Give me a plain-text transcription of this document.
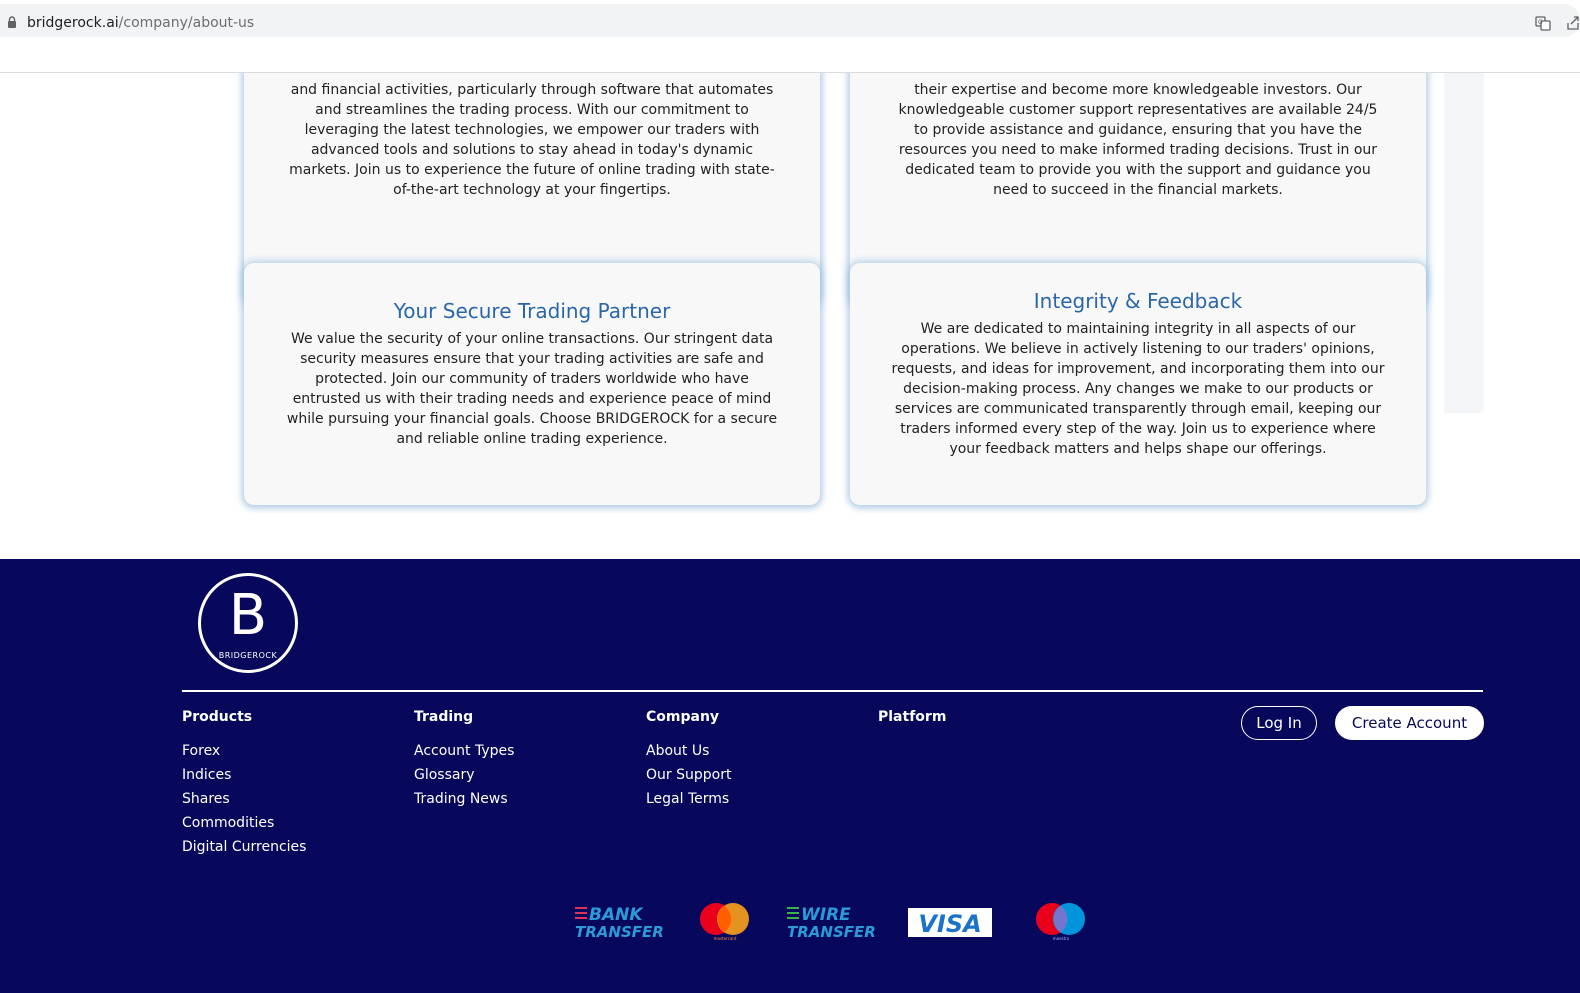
bridgerock.ai/company/about-us	G
and financial activities, particularly through software that automates
and streamlines the trading process. With our commitment to
leveraging the latest technologies, we empower our traders with
advanced tools and solutions to stay ahead in today's dynamic
markets. Join us to experience the future of online trading with state-
of-the-art technology at your fingertips.
their expertise and become more knowledgeable investors. Our
knowledgeable customer support representatives are available 24/5
to provide assistance and guidance, ensuring that you have the
resources you need to make informed trading decisions. Trust in our
dedicated team to provide you with the support and guidance you
need to succeed in the financial markets.
Your Secure Trading Partner
We value the security of your online transactions. Our stringent data
security measures ensure that your trading activities are safe and
protected. Join our community of traders worldwide who have
entrusted us with their trading needs and experience peace of mind
while pursuing your financial goals. Choose BRIDGEROCK for a secure
and reliable online trading experience.
Integrity & Feedback
We are dedicated to maintaining integrity in all aspects of our
operations. We believe in actively listening to our traders' opinions,
requests, and ideas for improvement, and incorporating them into our
decision-making process. Any changes we make to our products or
services are communicated transparently through email, keeping our
traders informed every step of the way. Join us to experience where
your feedback matters and helps shape our offerings.
B
BRIDGEROCK
Products
Forex
Indices
Shares
Commodities
Digital Currencies
Trading
Account Types
Glossary
Trading News
Company
About Us
Our Support
Legal Terms
Platform	Log In	Create Account
BANK
TRANSFER	mastercard
WIRE
TRANSFER VISA
maestro
